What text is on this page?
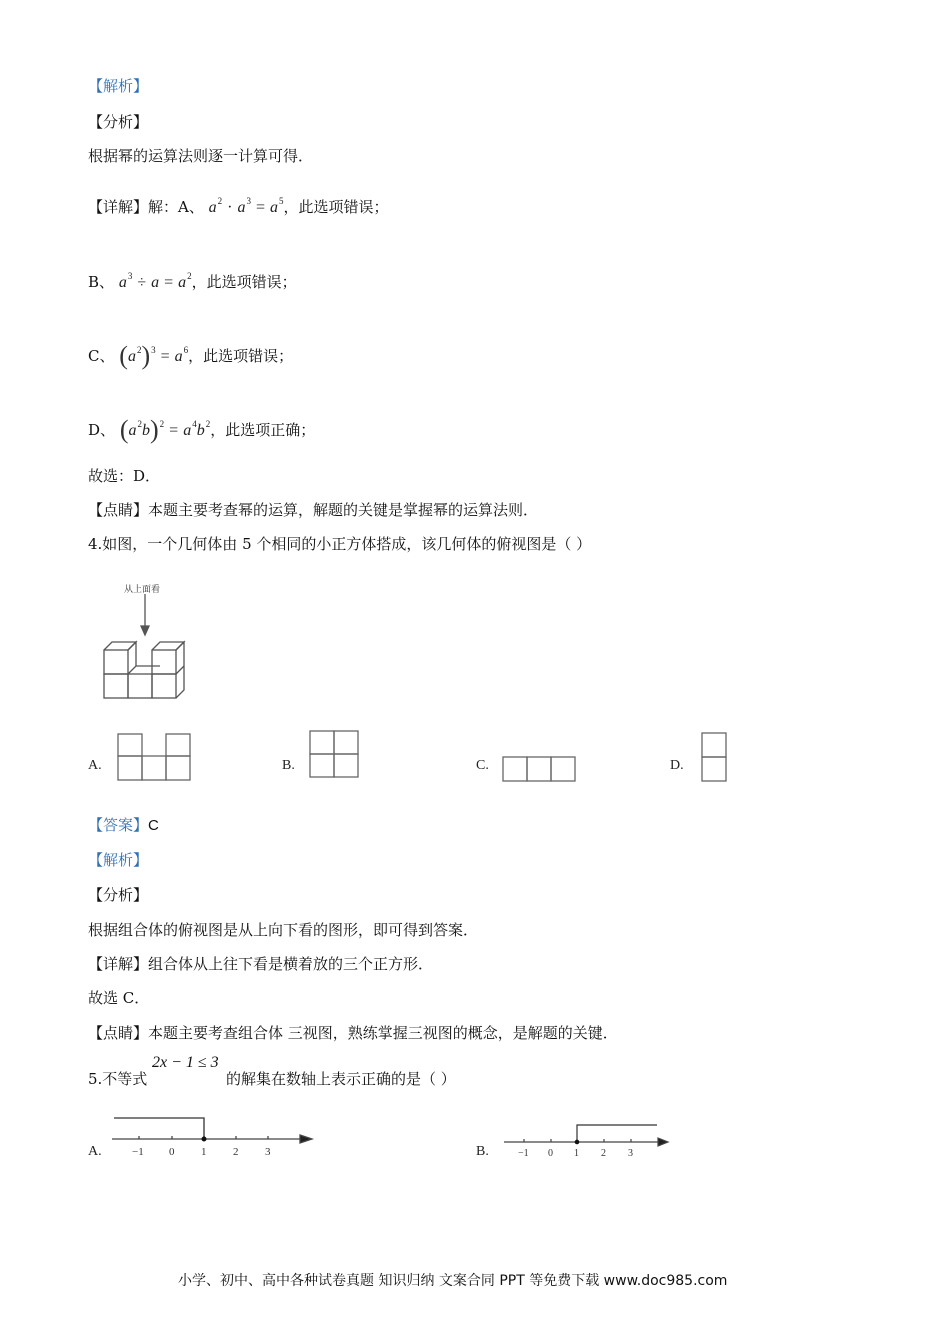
【解析】
【分析】
根据幂的运算法则逐一计算可得．
【详解】解：A、 $a^2 \cdot a^3 = a^5$，此选项错误；
B、 $a^3 \div a = a^2$，此选项错误；
C、 $(a^2)^3 = a^6$，此选项错误；
D、 $(a^2b)^2 = a^4b^2$，此选项正确；
故选：D．
【点睛】本题主要考查幂的运算，解题的关键是掌握幂的运算法则．
4.如图，一个几何体由 5 个相同的小正方体搭成，该几何体的俯视图是（ ）
从上面看
A.	B.	C.	D.
【答案】C
【解析】
【分析】
根据组合体的俯视图是从上向下看的图形，即可得到答案．
【详解】组合体从上往下看是横着放的三个正方形．
故选 C．
【点睛】本题主要考查组合体 三视图，熟练掌握三视图的概念，是解题的关键．
5.不等式
2x − 1 ≤ 3
的解集在数轴上表示正确的是（ ）
A.	−1 0 1 2 3	B.	−1 0 1 2 3
小学、初中、高中各种试卷真题 知识归纳 文案合同 PPT 等免费下载 www.doc985.com
